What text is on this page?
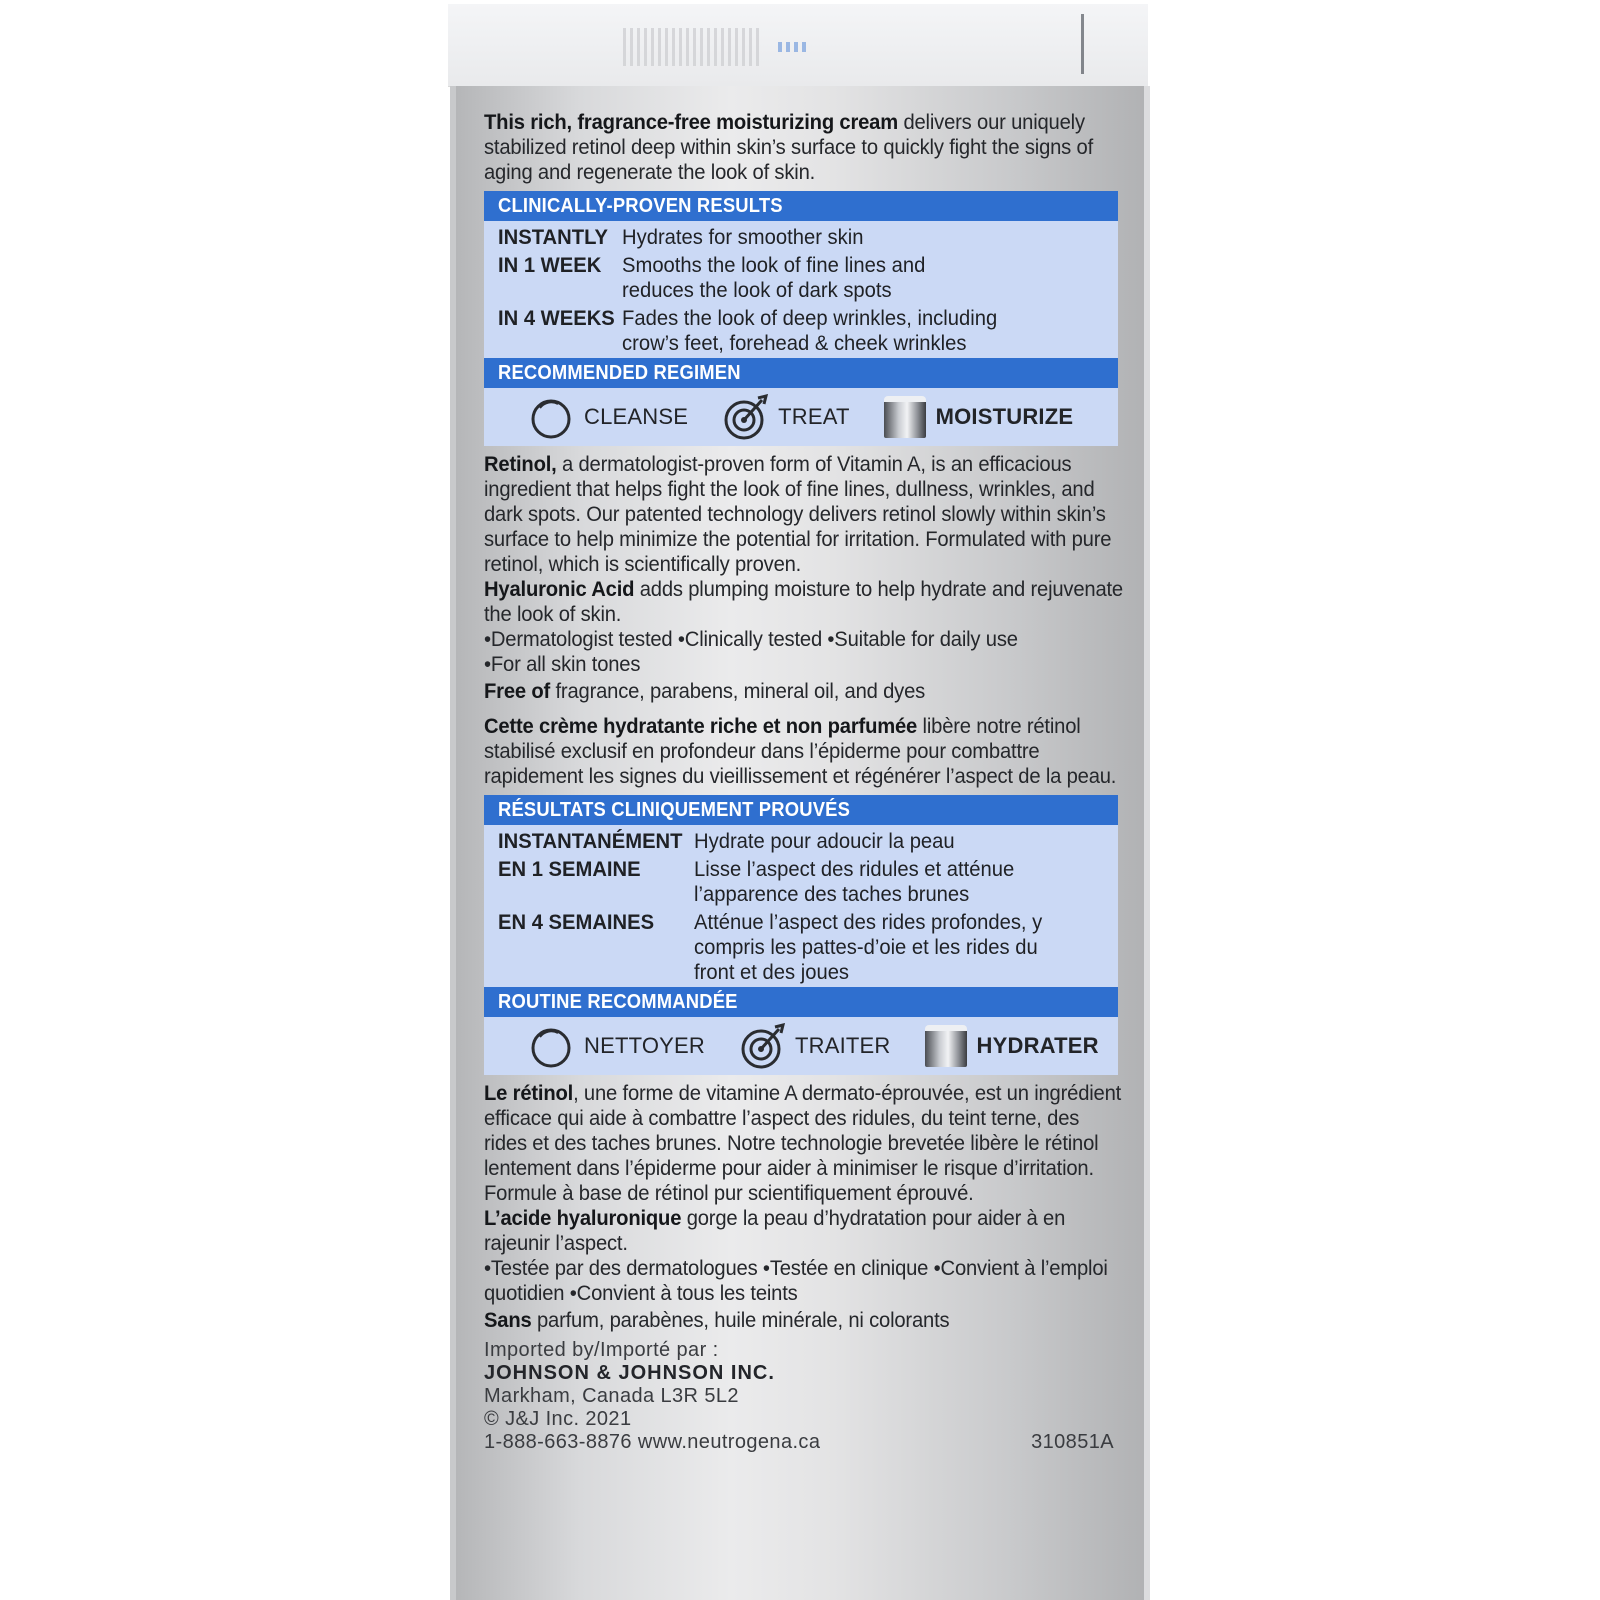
This rich, fragrance-free moisturizing cream delivers our uniquely stabilized retinol deep within skin’s surface to quickly fight the signs of aging and regenerate the look of skin.

CLINICALLY-PROVEN RESULTS
INSTANTLY	Hydrates for smoother skin
IN 1 WEEK	Smooths the look of fine lines and reduces the look of dark spots
IN 4 WEEKS	Fades the look of deep wrinkles, including crow’s feet, forehead & cheek wrinkles
RECOMMENDED REGIMEN
CLEANSE	TREAT	MOISTURIZE

Retinol, a dermatologist-proven form of Vitamin A, is an efficacious ingredient that helps fight the look of fine lines, dullness, wrinkles, and dark spots. Our patented technology delivers retinol slowly within skin’s surface to help minimize the potential for irritation. Formulated with pure retinol, which is scientifically proven.

Hyaluronic Acid adds plumping moisture to help hydrate and rejuvenate the look of skin.

•Dermatologist tested •Clinically tested •Suitable for daily use

•For all skin tones

Free of fragrance, parabens, mineral oil, and dyes

Cette crème hydratante riche et non parfumée libère notre rétinol stabilisé exclusif en profondeur dans l’épiderme pour combattre rapidement les signes du vieillissement et régénérer l’aspect de la peau.

RÉSULTATS CLINIQUEMENT PROUVÉS
INSTANTANÉMENT	Hydrate pour adoucir la peau
EN 1 SEMAINE	Lisse l’aspect des ridules et atténue l’apparence des taches brunes
EN 4 SEMAINES	Atténue l’aspect des rides profondes, y compris les pattes-d’oie et les rides du front et des joues
ROUTINE RECOMMANDÉE
NETTOYER	TRAITER	HYDRATER

Le rétinol, une forme de vitamine A dermato-éprouvée, est un ingrédient efficace qui aide à combattre l’aspect des ridules, du teint terne, des rides et des taches brunes. Notre technologie brevetée libère le rétinol lentement dans l’épiderme pour aider à minimiser le risque d’irritation. Formule à base de rétinol pur scientifiquement éprouvé.

L’acide hyaluronique gorge la peau d’hydratation pour aider à en rajeunir l’aspect.

•Testée par des dermatologues •Testée en clinique •Convient à l’emploi quotidien •Convient à tous les teints

Sans parfum, parabènes, huile minérale, ni colorants

Imported by/Importé par :
JOHNSON & JOHNSON INC.
Markham, Canada L3R 5L2
© J&J Inc. 2021
1-888-663-8876 www.neutrogena.ca	310851A
